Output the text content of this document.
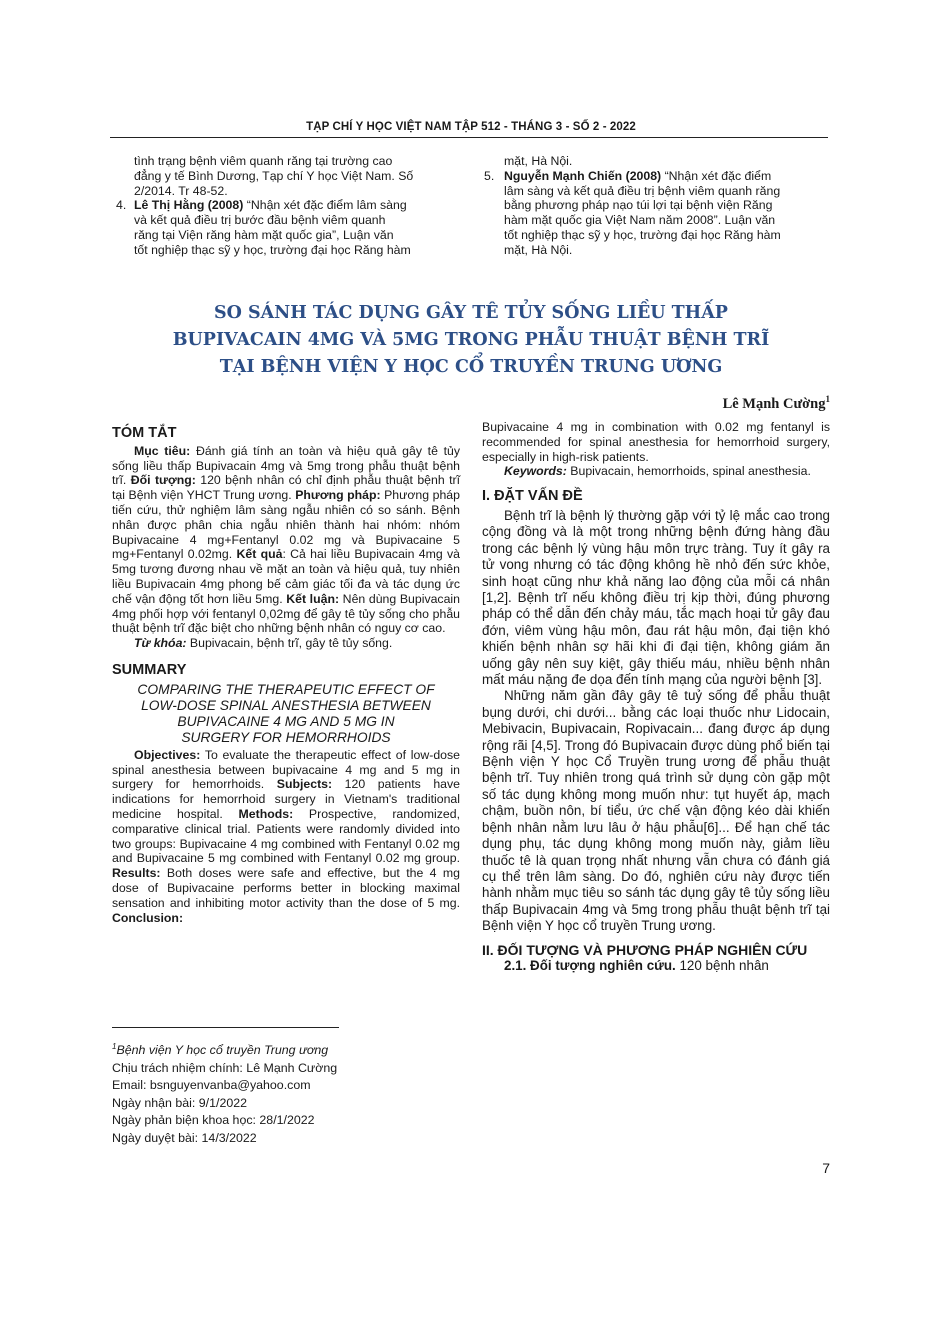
TẠP CHÍ Y HỌC VIỆT NAM TẬP 512 - THÁNG 3 - SỐ 2 - 2022
tình trạng bệnh viêm quanh răng tại trường cao
đẳng y tế Bình Dương, Tạp chí Y học Việt Nam. Số
2/2014. Tr 48-52.
4. Lê Thị Hằng (2008) “Nhận xét đặc điểm lâm sàng
và kết quả điều trị bước đầu bệnh viêm quanh
răng tại Viện răng hàm mặt quốc gia”, Luận văn
tốt nghiệp thạc sỹ y học, trường đại học Răng hàm
mặt, Hà Nội.
5. Nguyễn Mạnh Chiến (2008) “Nhận xét đặc điểm
lâm sàng và kết quả điều trị bệnh viêm quanh răng
bằng phương pháp nạo túi lợi tại bệnh viện Răng
hàm mặt quốc gia Việt Nam năm 2008”. Luận văn
tốt nghiệp thạc sỹ y học, trường đại học Răng hàm
mặt, Hà Nội.
SO SÁNH TÁC DỤNG GÂY TÊ TỦY SỐNG LIỀU THẤP
BUPIVACAIN 4MG VÀ 5MG TRONG PHẪU THUẬT BỆNH TRĨ
TẠI BỆNH VIỆN Y HỌC CỔ TRUYỀN TRUNG ƯƠNG
Lê Mạnh Cường$^1$
TÓM TẮT

Mục tiêu: Đánh giá tính an toàn và hiệu quả gây tê tủy sống liều thấp Bupivacain 4mg và 5mg trong phẫu thuật bệnh trĩ. Đối tượng: 120 bệnh nhân có chỉ định phẫu thuật bệnh trĩ tại Bệnh viện YHCT Trung ương. Phương pháp: Phương pháp tiến cứu, thử nghiệm lâm sàng ngẫu nhiên có so sánh. Bệnh nhân được phân chia ngẫu nhiên thành hai nhóm: nhóm Bupivacaine 4 mg+Fentanyl 0.02 mg và Bupivacaine 5 mg+Fentanyl 0.02mg. Kết quả: Cả hai liều Bupivacain 4mg và 5mg tương đương nhau về mặt an toàn và hiệu quả, tuy nhiên liều Bupivacain 4mg phong bế cảm giác tối đa và tác dụng ức chế vận động tốt hơn liều 5mg. Kết luận: Nên dùng Bupivacain 4mg phối hợp với fentanyl 0,02mg để gây tê tủy sống cho phẫu thuật bệnh trĩ đặc biệt cho những bệnh nhân có nguy cơ cao.

Từ khóa: Bupivacain, bệnh trĩ, gây tê tủy sống.

SUMMARY
COMPARING THE THERAPEUTIC EFFECT OF
LOW-DOSE SPINAL ANESTHESIA BETWEEN
BUPIVACAINE 4 MG AND 5 MG IN
SURGERY FOR HEMORRHOIDS

Objectives: To evaluate the therapeutic effect of low-dose spinal anesthesia between bupivacaine 4 mg and 5 mg in surgery for hemorrhoids. Subjects: 120 patients have indications for hemorrhoid surgery in Vietnam's traditional medicine hospital. Methods: Prospective, randomized, comparative clinical trial. Patients were randomly divided into two groups: Bupivacaine 4 mg combined with Fentanyl 0.02 mg and Bupivacaine 5 mg combined with Fentanyl 0.02 mg group. Results: Both doses were safe and effective, but the 4 mg dose of Bupivacaine performs better in blocking maximal sensation and inhibiting motor activity than the dose of 5 mg. Conclusion:

$^1$Bệnh viện Y học cổ truyền Trung ương
Chịu trách nhiệm chính: Lê Mạnh Cường
Email: bsnguyenvanba@yahoo.com
Ngày nhận bài: 9/1/2022
Ngày phản biện khoa học: 28/1/2022
Ngày duyệt bài: 14/3/2022
Bupivacaine 4 mg in combination with 0.02 mg fentanyl is recommended for spinal anesthesia for hemorrhoid surgery, especially in high-risk patients.

Keywords: Bupivacain, hemorrhoids, spinal anesthesia.

I. ĐẶT VẤN ĐỀ

Bệnh trĩ là bệnh lý thường gặp với tỷ lệ mắc cao trong cộng đồng và là một trong những bệnh đứng hàng đầu trong các bệnh lý vùng hậu môn trực tràng. Tuy ít gây ra tử vong nhưng có tác động không hề nhỏ đến sức khỏe, sinh hoạt cũng như khả năng lao động của mỗi cá nhân [1,2]. Bệnh trĩ nếu không điều trị kịp thời, đúng phương pháp có thể dẫn đến chảy máu, tắc mạch hoại tử gây đau đớn, viêm vùng hậu môn, đau rát hậu môn, đại tiện khó khiến bệnh nhân sợ hãi khi đi đại tiện, không giám ăn uống gây nên suy kiệt, gây thiếu máu, nhiều bệnh nhân mất máu nặng đe dọa đến tính mạng của người bệnh [3].

Những năm gần đây gây tê tuỷ sống để phẫu thuật bụng dưới, chi dưới... bằng các loại thuốc như Lidocain, Mebivacin, Bupivacain, Ropivacain... đang được áp dụng rộng rãi [4,5]. Trong đó Bupivacain được dùng phổ biến tại Bệnh viện Y học Cổ Truyền trung ương để phẫu thuật bệnh trĩ. Tuy nhiên trong quá trình sử dụng còn gặp một số tác dụng không mong muốn như: tụt huyết áp, mạch chậm, buồn nôn, bí tiểu, ức chế vận động kéo dài khiến bệnh nhân nằm lưu lâu ở hậu phẫu[6]... Để hạn chế tác dụng phụ, tác dụng không mong muốn này, giảm liều thuốc tê là quan trọng nhất nhưng vẫn chưa có đánh giá cụ thể trên lâm sàng. Do đó, nghiên cứu này được tiến hành nhằm mục tiêu so sánh tác dụng gây tê tủy sống liều thấp Bupivacain 4mg và 5mg trong phẫu thuật bệnh trĩ tại Bệnh viện Y học cổ truyền Trung ương.

II. ĐỐI TƯỢNG VÀ PHƯƠNG PHÁP NGHIÊN CỨU

2.1. Đối tượng nghiên cứu. 120 bệnh nhân

7
